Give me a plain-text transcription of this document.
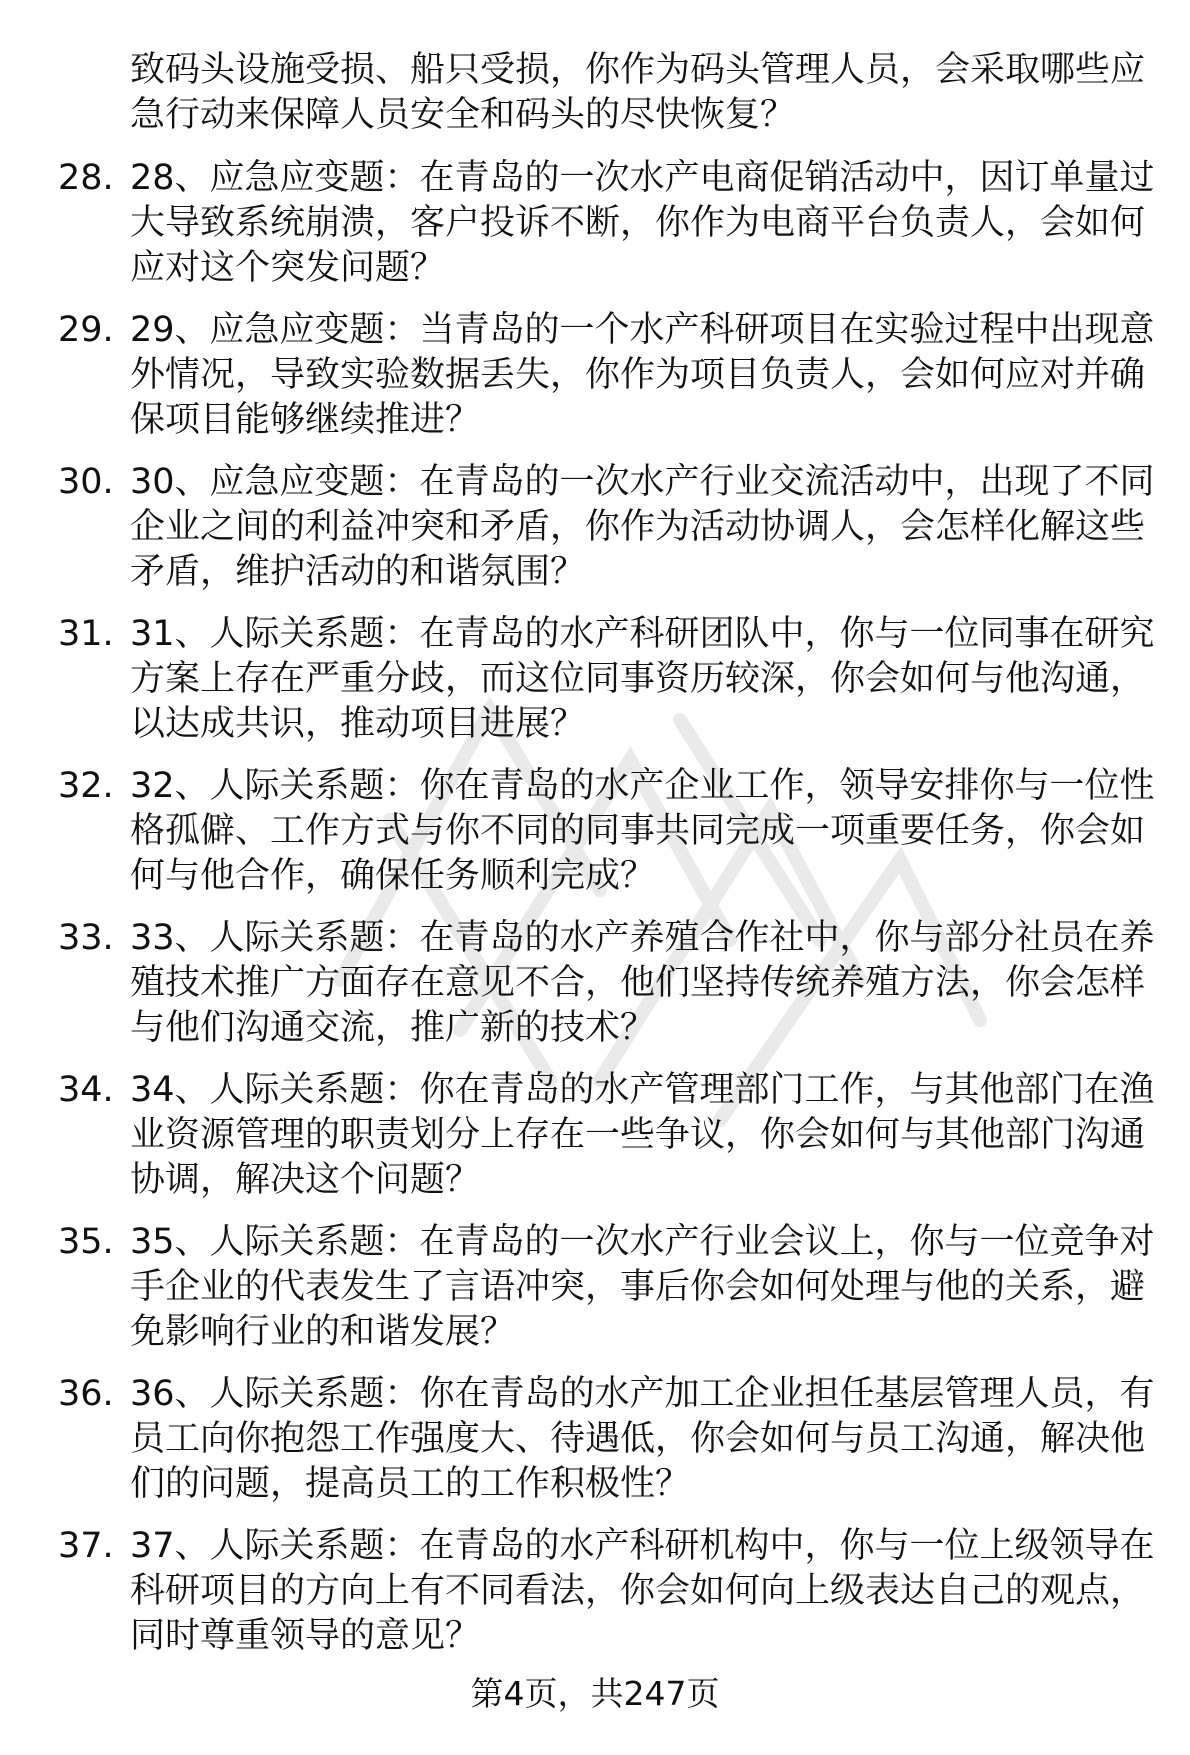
致码头设施受损、船只受损，你作为码头管理人员，会采取哪些应急行动来保障人员安全和码头的尽快恢复？

28. 28、应急应变题：在青岛的一次水产电商促销活动中，因订单量过大导致系统崩溃，客户投诉不断，你作为电商平台负责人，会如何应对这个突发问题？
29. 29、应急应变题：当青岛的一个水产科研项目在实验过程中出现意外情况，导致实验数据丢失，你作为项目负责人，会如何应对并确保项目能够继续推进？
30. 30、应急应变题：在青岛的一次水产行业交流活动中，出现了不同企业之间的利益冲突和矛盾，你作为活动协调人，会怎样化解这些矛盾，维护活动的和谐氛围？
31. 31、人际关系题：在青岛的水产科研团队中，你与一位同事在研究方案上存在严重分歧，而这位同事资历较深，你会如何与他沟通，以达成共识，推动项目进展？
32. 32、人际关系题：你在青岛的水产企业工作，领导安排你与一位性格孤僻、工作方式与你不同的同事共同完成一项重要任务，你会如何与他合作，确保任务顺利完成？
33. 33、人际关系题：在青岛的水产养殖合作社中，你与部分社员在养殖技术推广方面存在意见不合，他们坚持传统养殖方法，你会怎样与他们沟通交流，推广新的技术？
34. 34、人际关系题：你在青岛的水产管理部门工作，与其他部门在渔业资源管理的职责划分上存在一些争议，你会如何与其他部门沟通协调，解决这个问题？
35. 35、人际关系题：在青岛的一次水产行业会议上，你与一位竞争对手企业的代表发生了言语冲突，事后你会如何处理与他的关系，避免影响行业的和谐发展？
36. 36、人际关系题：你在青岛的水产加工企业担任基层管理人员，有员工向你抱怨工作强度大、待遇低，你会如何与员工沟通，解决他们的问题，提高员工的工作积极性？
37. 37、人际关系题：在青岛的水产科研机构中，你与一位上级领导在科研项目的方向上有不同看法，你会如何向上级表达自己的观点，同时尊重领导的意见？
第4页，共247页
